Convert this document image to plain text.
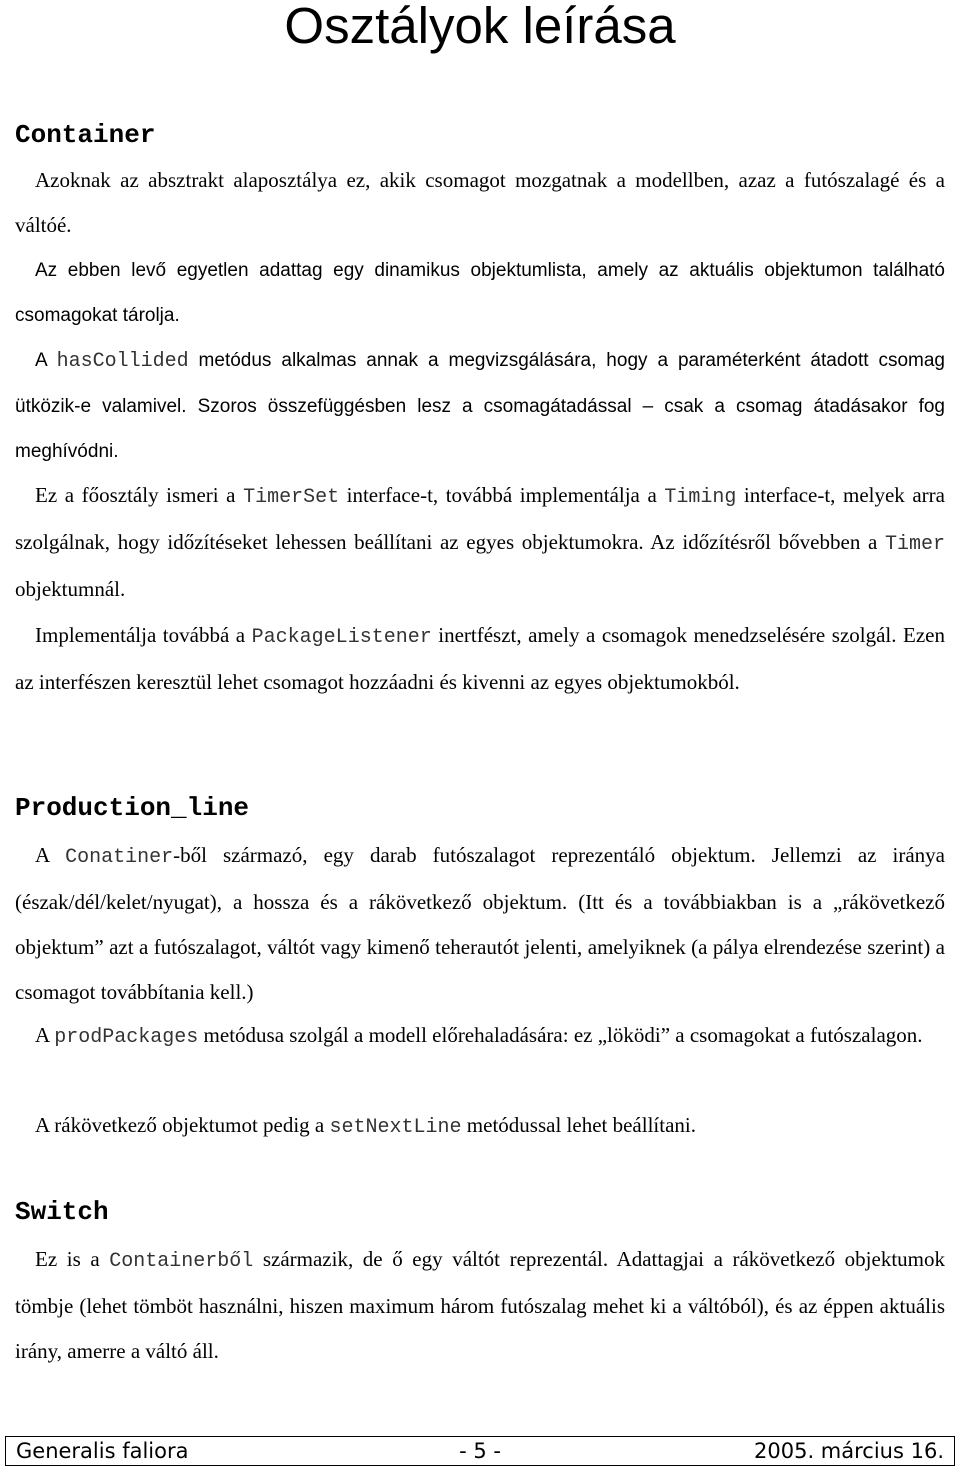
Osztályok leírása
Container

Azoknak az absztrakt alaposztálya ez, akik csomagot mozgatnak a modellben, azaz a futószalagé és a váltóé.

Az ebben levő egyetlen adattag egy dinamikus objektumlista, amely az aktuális objektumon található csomagokat tárolja.

A hasCollided metódus alkalmas annak a megvizsgálására, hogy a paraméterként átadott csomag ütközik-e valamivel. Szoros összefüggésben lesz a csomagátadással – csak a csomag átadásakor fog meghívódni.

Ez a főosztály ismeri a TimerSet interface-t, továbbá implementálja a Timing interface-t, melyek arra szolgálnak, hogy időzítéseket lehessen beállítani az egyes objektumokra. Az időzítésről bővebben a Timer objektumnál.

Implementálja továbbá a PackageListener inertfészt, amely a csomagok menedzselésére szolgál. Ezen az interfészen keresztül lehet csomagot hozzáadni és kivenni az egyes objektumokból.

Production_line

A Conatiner-ből származó, egy darab futószalagot reprezentáló objektum. Jellemzi az iránya (észak/dél/kelet/nyugat), a hossza és a rákövetkező objektum. (Itt és a továbbiakban is a „rákövetkező objektum” azt a futószalagot, váltót vagy kimenő teherautót jelenti, amelyiknek (a pálya elrendezése szerint) a csomagot továbbítania kell.)

A prodPackages metódusa szolgál a modell előrehaladására: ez „löködi” a csomagokat a futószalagon.

A rákövetkező objektumot pedig a setNextLine metódussal lehet beállítani.

Switch

Ez is a Containerből származik, de ő egy váltót reprezentál. Adattagjai a rákövetkező objektumok tömbje (lehet tömböt használni, hiszen maximum három futószalag mehet ki a váltóból), és az éppen aktuális irány, amerre a váltó áll.

Generalis faliora	- 5 -	2005. március 16.
